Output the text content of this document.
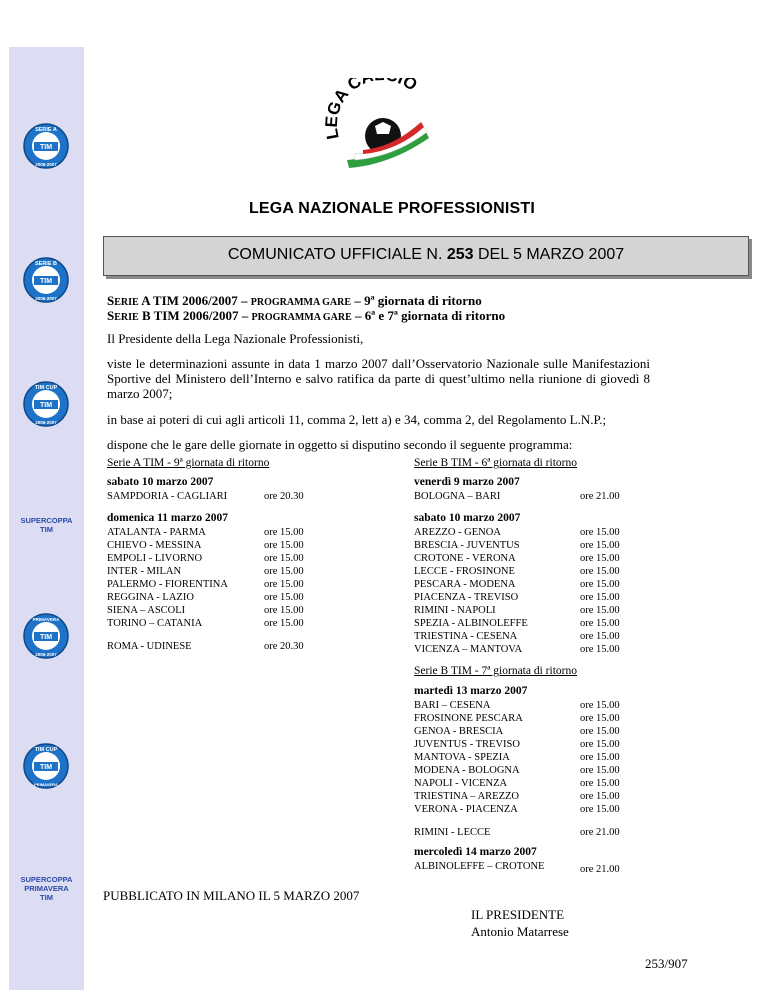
TIM
SERIE A
2006-2007
TIM
SERIE B
2006-2007
TIM
TIM CUP
2006-2007
SUPERCOPPA
TIM
TIM
PRIMAVERA
2006-2007
TIM
TIM CUP
PRIMAVERA
SUPERCOPPA
PRIMAVERA
TIM
GA C IO
LEGA NAZIONALE PROFESSIONISTI
COMUNICATO UFFICIALE N. 253 DEL 5 MARZO 2007
SERIE A TIM 2006/2007 – PROGRAMMA GARE – 9ª giornata di ritorno
SERIE B TIM 2006/2007 – PROGRAMMA GARE – 6ª e 7ª giornata di ritorno
Il Presidente della Lega Nazionale Professionisti,
viste le determinazioni assunte in data 1 marzo 2007 dall’Osservatorio Nazionale sulle Manifestazioni Sportive del Ministero dell’Interno e salvo ratifica da parte di quest’ultimo nella riunione di giovedì 8 marzo 2007;
in base ai poteri di cui agli articoli 11, comma 2, lett a) e 34, comma 2, del Regolamento L.N.P.;
dispone che le gare delle giornate in oggetto si disputino secondo il seguente programma:
Serie A TIM - 9ª giornata di ritorno
sabato 10 marzo 2007
SAMPDORIA - CAGLIARI	ore 20.30
domenica 11 marzo 2007
ATALANTA - PARMA	ore 15.00
CHIEVO - MESSINA	ore 15.00
EMPOLI - LIVORNO	ore 15.00
INTER - MILAN	ore 15.00
PALERMO - FIORENTINA	ore 15.00
REGGINA - LAZIO	ore 15.00
SIENA – ASCOLI	ore 15.00
TORINO – CATANIA	ore 15.00
ROMA - UDINESE	ore 20.30
Serie B TIM - 6ª giornata di ritorno
venerdì 9 marzo 2007
BOLOGNA – BARI	ore 21.00
sabato 10 marzo 2007
AREZZO - GENOA	ore 15.00
BRESCIA - JUVENTUS	ore 15.00
CROTONE - VERONA	ore 15.00
LECCE - FROSINONE	ore 15.00
PESCARA - MODENA	ore 15.00
PIACENZA - TREVISO	ore 15.00
RIMINI - NAPOLI	ore 15.00
SPEZIA - ALBINOLEFFE	ore 15.00
TRIESTINA - CESENA	ore 15.00
VICENZA – MANTOVA	ore 15.00
Serie B TIM - 7ª giornata di ritorno
martedì 13 marzo 2007
BARI – CESENA	ore 15.00
FROSINONE PESCARA	ore 15.00
GENOA - BRESCIA	ore 15.00
JUVENTUS - TREVISO	ore 15.00
MANTOVA - SPEZIA	ore 15.00
MODENA - BOLOGNA	ore 15.00
NAPOLI - VICENZA	ore 15.00
TRIESTINA – AREZZO	ore 15.00
VERONA - PIACENZA	ore 15.00
RIMINI - LECCE	ore 21.00
mercoledì 14 marzo 2007
ALBINOLEFFE – CROTONE	ore 21.00
PUBBLICATO IN MILANO IL 5 MARZO 2007
IL PRESIDENTE
Antonio Matarrese
253/907
